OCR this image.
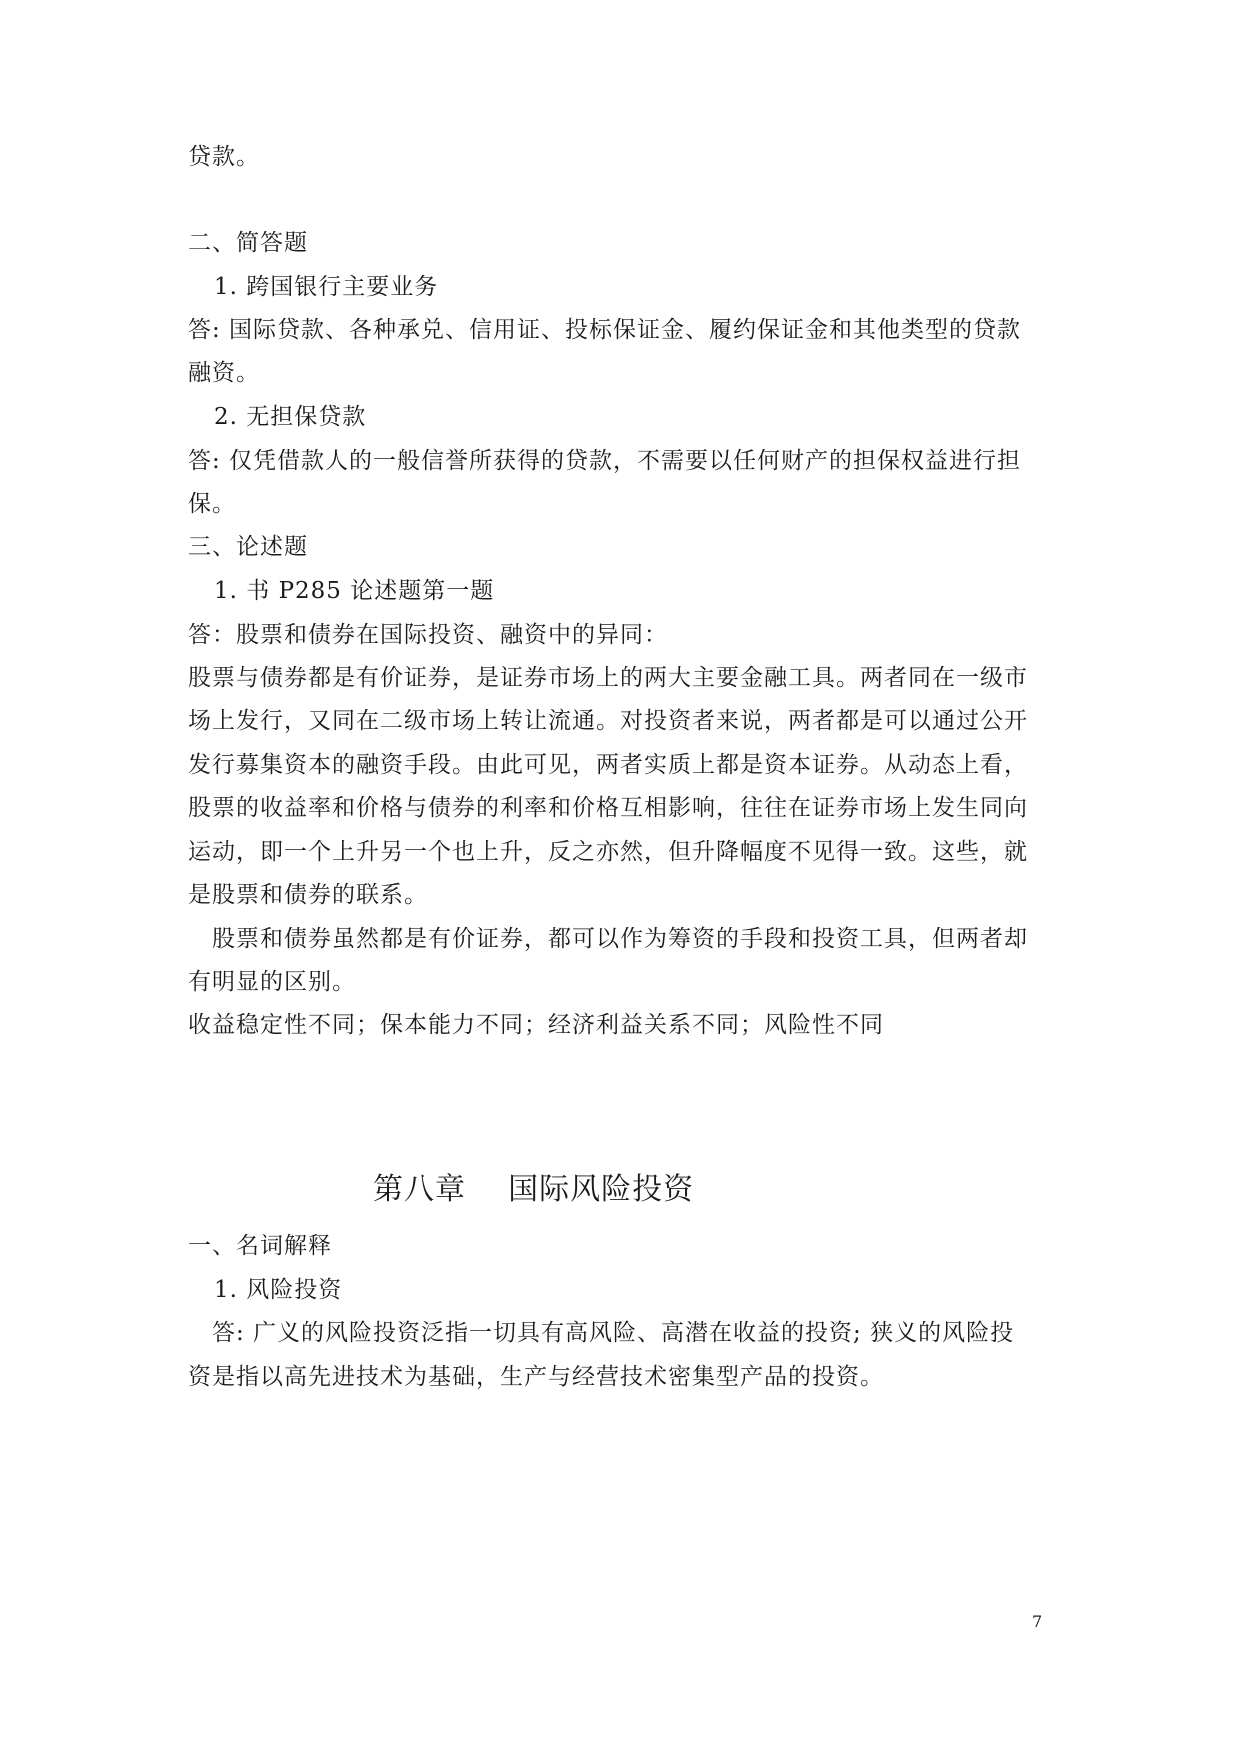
贷款。
二、简答题
1. 跨国银行主要业务
答: 国际贷款、各种承兑、信用证、投标保证金、履约保证金和其他类型的贷款
融资。
2. 无担保贷款
答: 仅凭借款人的一般信誉所获得的贷款，不需要以任何财产的担保权益进行担
保。
三、论述题
1. 书 P285 论述题第一题
答：股票和债券在国际投资、融资中的异同：
股票与债券都是有价证券，是证券市场上的两大主要金融工具。两者同在一级市
场上发行，又同在二级市场上转让流通。对投资者来说，两者都是可以通过公开
发行募集资本的融资手段。由此可见，两者实质上都是资本证券。从动态上看，
股票的收益率和价格与债券的利率和价格互相影响，往往在证券市场上发生同向
运动，即一个上升另一个也上升，反之亦然，但升降幅度不见得一致。这些，就
是股票和债券的联系。
股票和债券虽然都是有价证券，都可以作为筹资的手段和投资工具，但两者却
有明显的区别。
收益稳定性不同；保本能力不同；经济利益关系不同；风险性不同
第八章    国际风险投资
一、名词解释
1. 风险投资
答: 广义的风险投资泛指一切具有高风险、高潜在收益的投资; 狭义的风险投
资是指以高先进技术为基础，生产与经营技术密集型产品的投资。
7
